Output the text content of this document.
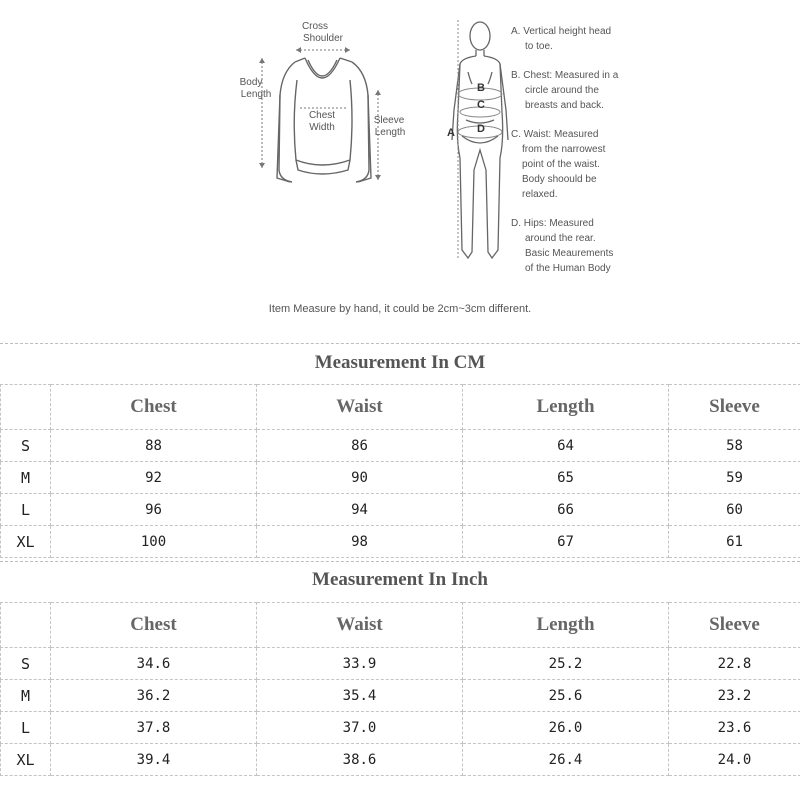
Cross
Shoulder
Body
Length
Chest
Width
Sleeve
Length	A
B
C
D
A. Vertical height head
to toe.
B. Chest: Measured in a
circle around the
breasts and back.
C. Waist: Measured
from the narrowest
point of the waist.
Body shoould be
relaxed.
D. Hips: Measured
around the rear.
Basic Meaurements
of the Human Body
Item Measure by hand, it could be 2cm~3cm different.
Measurement In CM
	Chest	Waist	Length	Sleeve
S	88	86	64	58
M	92	90	65	59
L	96	94	66	60
XL	100	98	67	61
Measurement In Inch
	Chest	Waist	Length	Sleeve
S	34.6	33.9	25.2	22.8
M	36.2	35.4	25.6	23.2
L	37.8	37.0	26.0	23.6
XL	39.4	38.6	26.4	24.0
